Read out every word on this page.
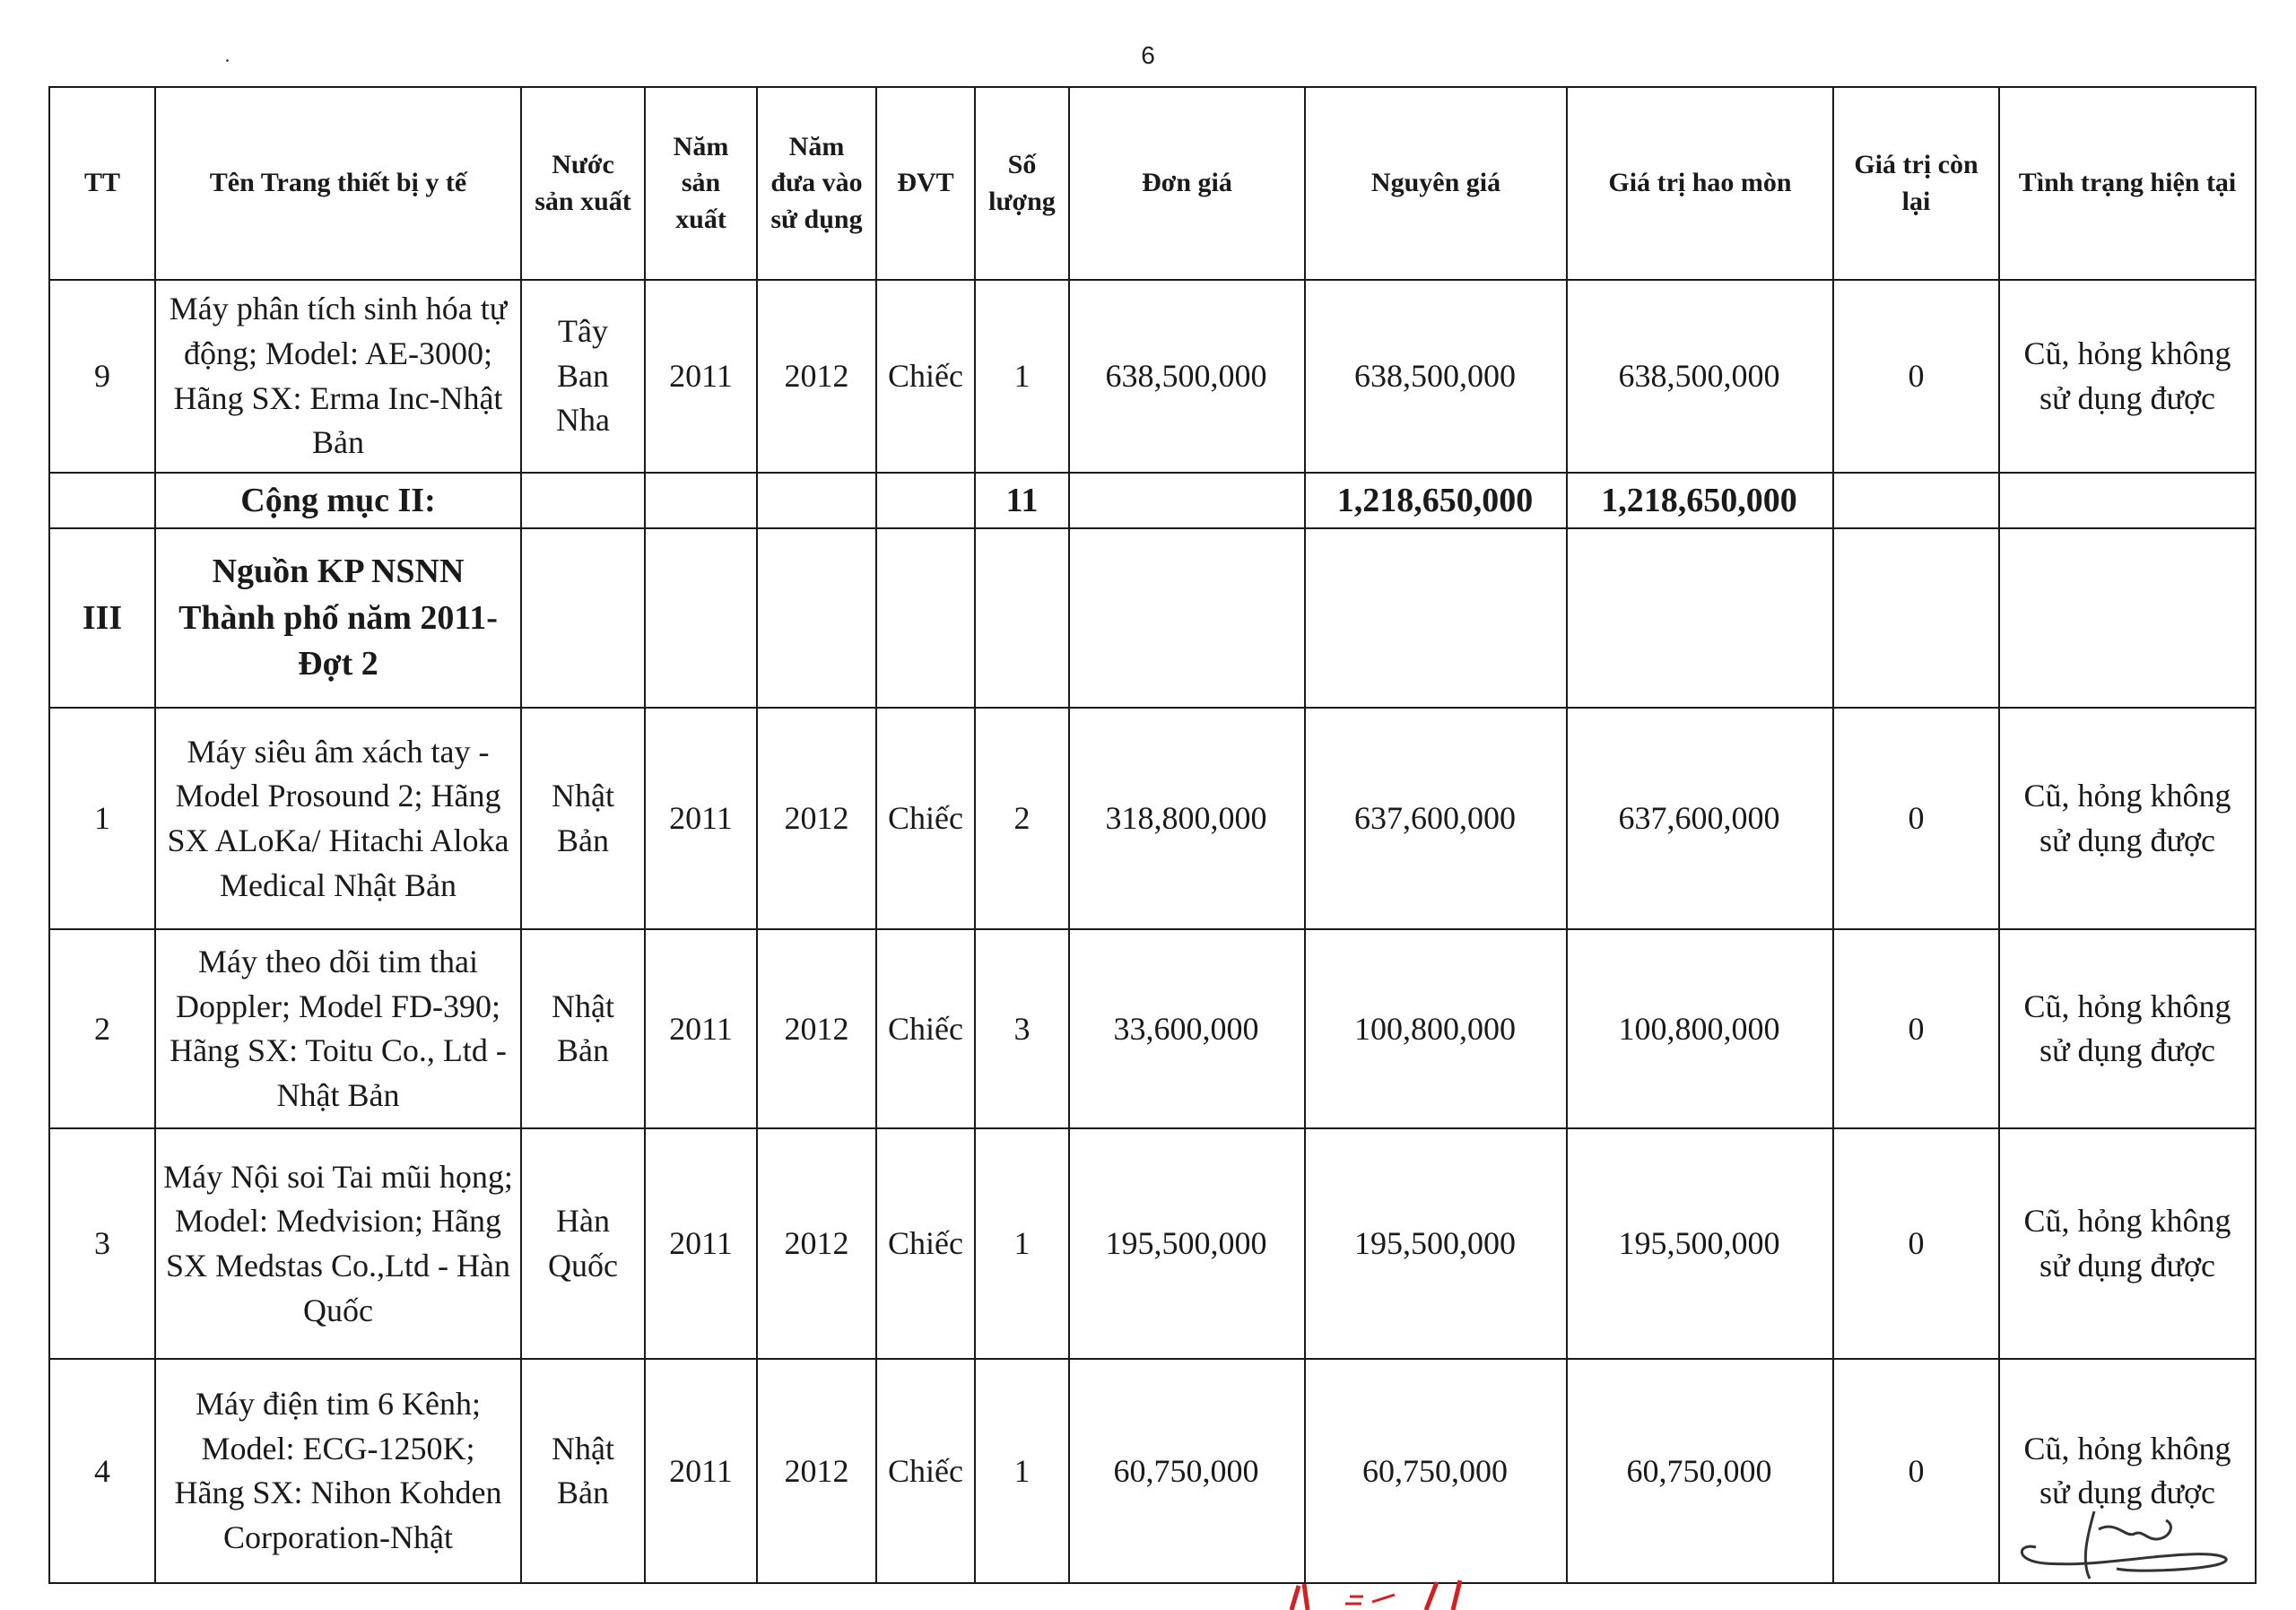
6
TT	Tên Trang thiết bị y tế	Nước sản xuất	Năm sản xuất	Năm đưa vào sử dụng	ĐVT	Số lượng	Đơn giá	Nguyên giá	Giá trị hao mòn	Giá trị còn lại	Tình trạng hiện tại
9	Máy phân tích sinh hóa tự động; Model: AE-3000; Hãng SX: Erma Inc-Nhật Bản	Tây Ban Nha	2011	2012	Chiếc	1	638,500,000	638,500,000	638,500,000	0	Cũ, hỏng không sử dụng được
	Cộng mục II:					11		1,218,650,000	1,218,650,000		
III	Nguồn KP NSNN Thành phố năm 2011-Đợt 2										
1	Máy siêu âm xách tay - Model Prosound 2; Hãng SX ALoKa/ Hitachi Aloka Medical Nhật Bản	Nhật Bản	2011	2012	Chiếc	2	318,800,000	637,600,000	637,600,000	0	Cũ, hỏng không sử dụng được
2	Máy theo dõi tim thai Doppler; Model FD-390; Hãng SX: Toitu Co., Ltd - Nhật Bản	Nhật Bản	2011	2012	Chiếc	3	33,600,000	100,800,000	100,800,000	0	Cũ, hỏng không sử dụng được
3	Máy Nội soi Tai mũi họng; Model: Medvision; Hãng SX Medstas Co.,Ltd - Hàn Quốc	Hàn Quốc	2011	2012	Chiếc	1	195,500,000	195,500,000	195,500,000	0	Cũ, hỏng không sử dụng được
4	Máy điện tim 6 Kênh; Model: ECG-1250K; Hãng SX: Nihon Kohden Corporation-Nhật	Nhật Bản	2011	2012	Chiếc	1	60,750,000	60,750,000	60,750,000	0	Cũ, hỏng không sử dụng được
